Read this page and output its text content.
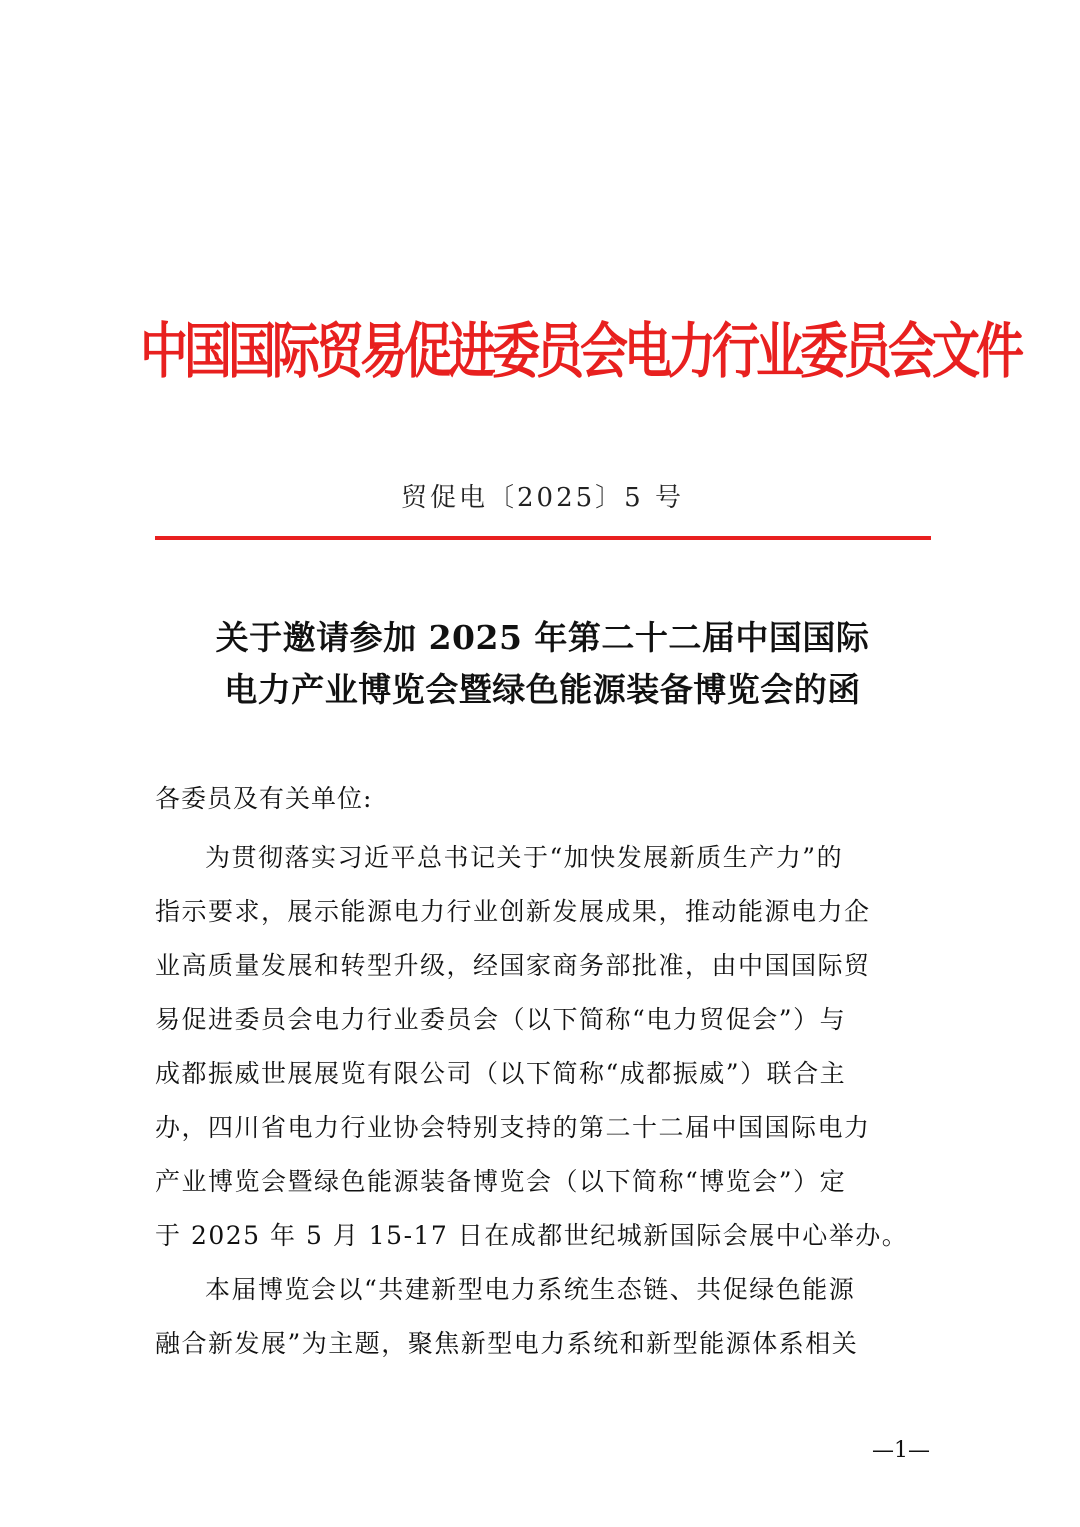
中国国际贸易促进委员会电力行业委员会文件
贸促电〔2025〕5 号
关于邀请参加 2025 年第二十二届中国国际
电力产业博览会暨绿色能源装备博览会的函
各委员及有关单位:
为贯彻落实习近平总书记关于“加快发展新质生产力”的
指示要求，展示能源电力行业创新发展成果，推动能源电力企
业高质量发展和转型升级，经国家商务部批准，由中国国际贸
易促进委员会电力行业委员会（以下简称“电力贸促会”）与
成都振威世展展览有限公司（以下简称“成都振威”）联合主
办，四川省电力行业协会特别支持的第二十二届中国国际电力
产业博览会暨绿色能源装备博览会（以下简称“博览会”）定
于 2025 年 5 月 15-17 日在成都世纪城新国际会展中心举办。
本届博览会以“共建新型电力系统生态链、共促绿色能源
融合新发展”为主题，聚焦新型电力系统和新型能源体系相关
—1—
